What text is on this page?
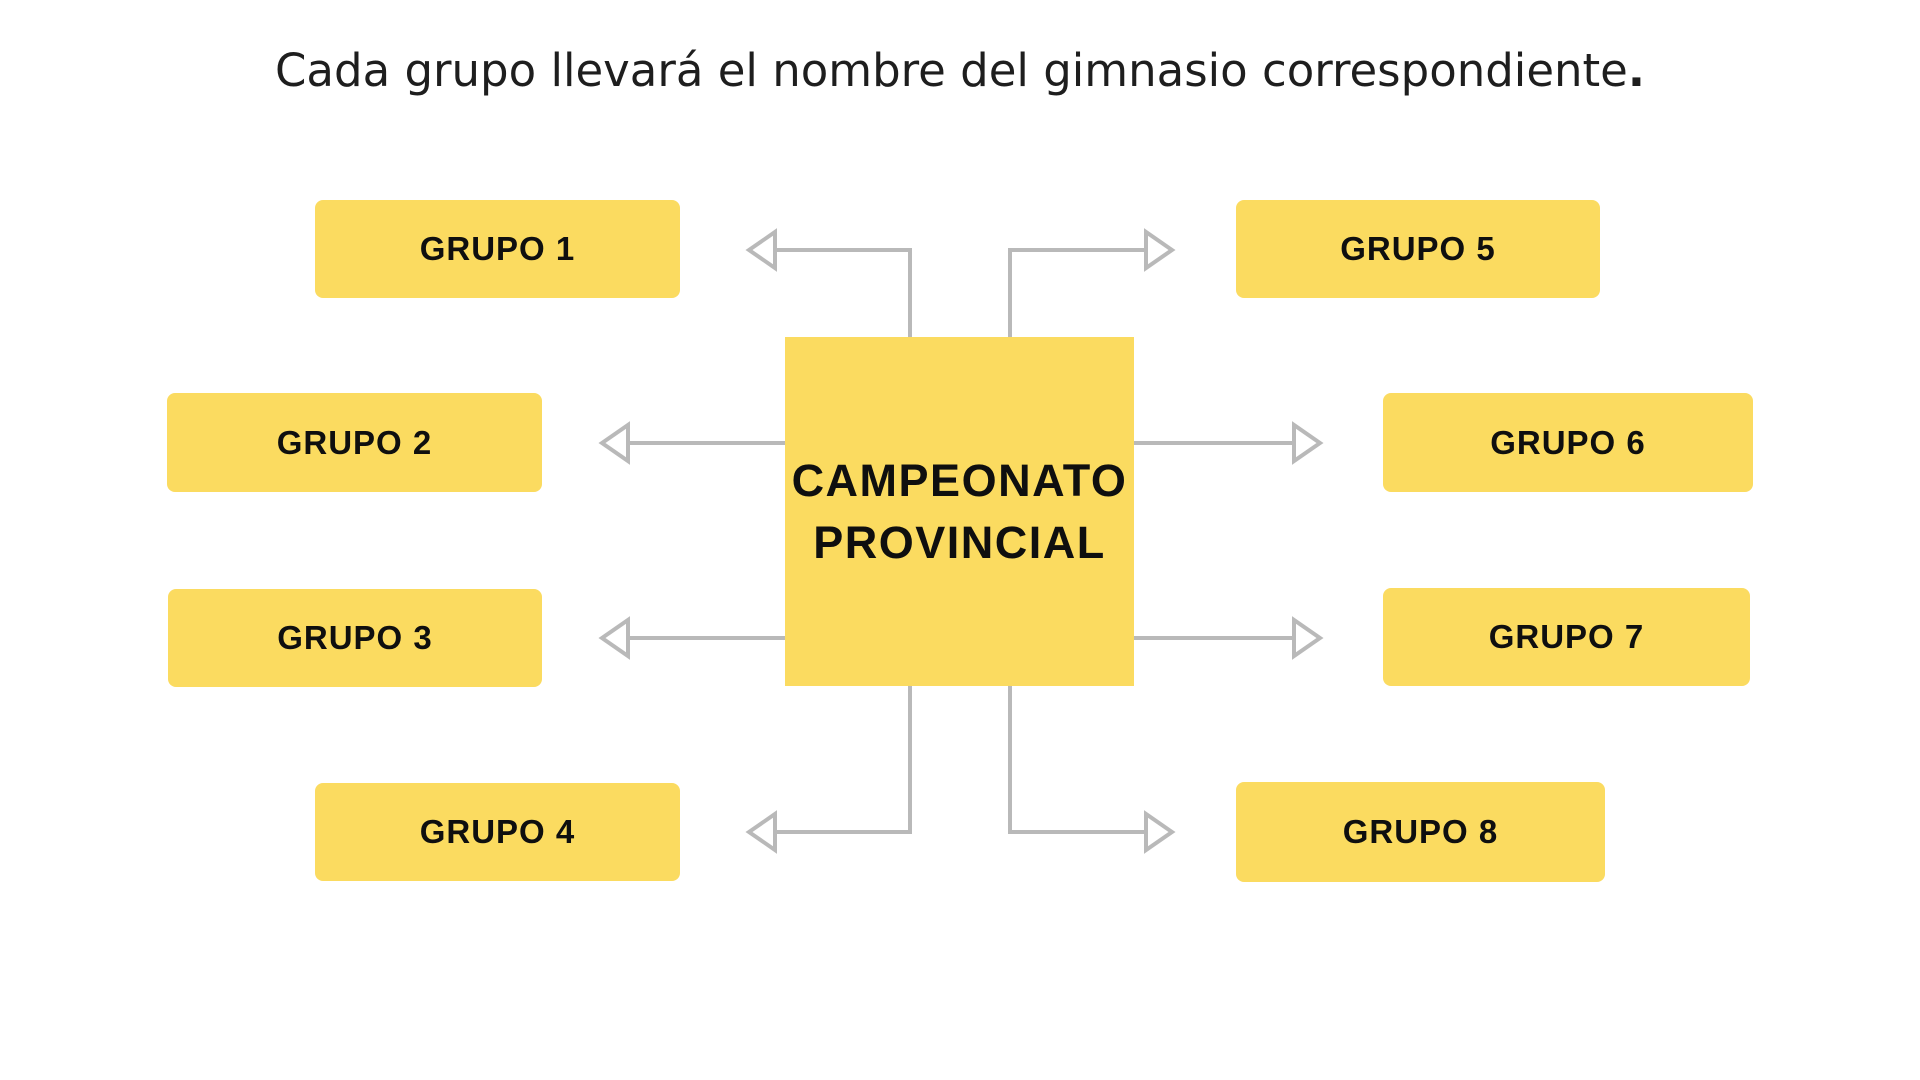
Cada grupo llevará el nombre del gimnasio correspondiente.
CAMPEONATO
PROVINCIAL
GRUPO 1
GRUPO 2
GRUPO 3
GRUPO 4
GRUPO 5
GRUPO 6
GRUPO 7
GRUPO 8
